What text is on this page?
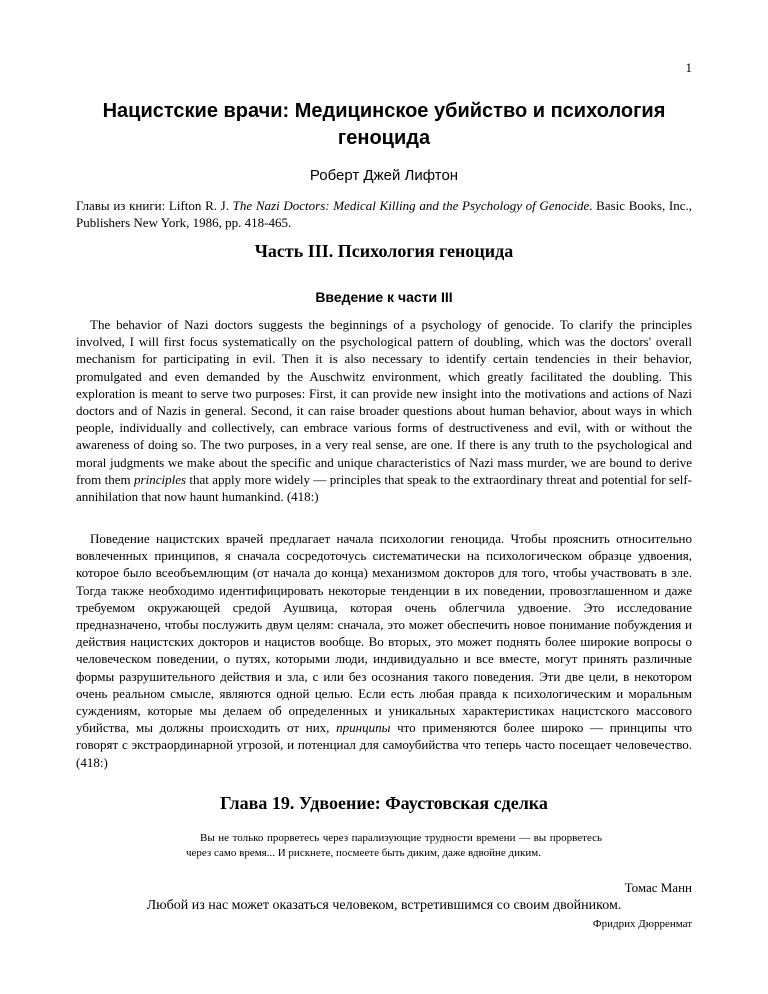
1
Нацистские врачи: Медицинское убийство и психология геноцида
Роберт Джей Лифтон

Главы из книги: Lifton R. J. The Nazi Doctors: Medical Killing and the Psychology of Genocide. Basic Books, Inc., Publishers New York, 1986, pp. 418-465.

Часть III. Психология геноцида
Введение к части III

The behavior of Nazi doctors suggests the beginnings of a psychology of genocide. To clarify the principles involved, I will first focus systematically on the psychological pattern of doubling, which was the doctors' overall mechanism for participating in evil. Then it is also necessary to identify certain tendencies in their behavior, promulgated and even demanded by the Auschwitz environment, which greatly facilitated the doubling. This exploration is meant to serve two purposes: First, it can provide new insight into the motivations and actions of Nazi doctors and of Nazis in general. Second, it can raise broader questions about human behavior, about ways in which people, individually and collectively, can embrace various forms of destructiveness and evil, with or without the awareness of doing so. The two purposes, in a very real sense, are one. If there is any truth to the psychological and moral judgments we make about the specific and unique characteristics of Nazi mass murder, we are bound to derive from them principles that apply more widely — principles that speak to the extraordinary threat and potential for self-annihilation that now haunt humankind. (418:)

Поведение нацистских врачей предлагает начала психологии геноцида. Чтобы прояснить относительно вовлеченных принципов, я сначала сосредоточусь систематически на психологическом образце удвоения, которое было всеобъемлющим (от начала до конца) механизмом докторов для того, чтобы участвовать в зле. Тогда также необходимо идентифицировать некоторые тенденции в их поведении, провозглашенном и даже требуемом окружающей средой Аушвица, которая очень облегчила удвоение. Это исследование предназначено, чтобы послужить двум целям: сначала, это может обеспечить новое понимание побуждения и действия нацистских докторов и нацистов вообще. Во вторых, это может поднять более широкие вопросы о человеческом поведении, о путях, которыми люди, индивидуально и все вместе, могут принять различные формы разрушительного действия и зла, с или без осознания такого поведения. Эти две цели, в некотором очень реальном смысле, являются одной целью. Если есть любая правда к психологическим и моральным суждениям, которые мы делаем об определенных и уникальных характеристиках нацистского массового убийства, мы должны происходить от них, принципы что применяются более широко — принципы что говорят с экстраординарной угрозой, и потенциал для самоубийства что теперь часто посещает человечество. (418:)

Глава 19. Удвоение: Фаустовская сделка

Вы не только прорветесь через парализующие трудности времени — вы прорветесь через само время... И рискнете, посмеете быть диким, даже вдвойне диким.

Томас Манн

Любой из нас может оказаться человеком, встретившимся со своим двойником.

Фридрих Дюрренмат
